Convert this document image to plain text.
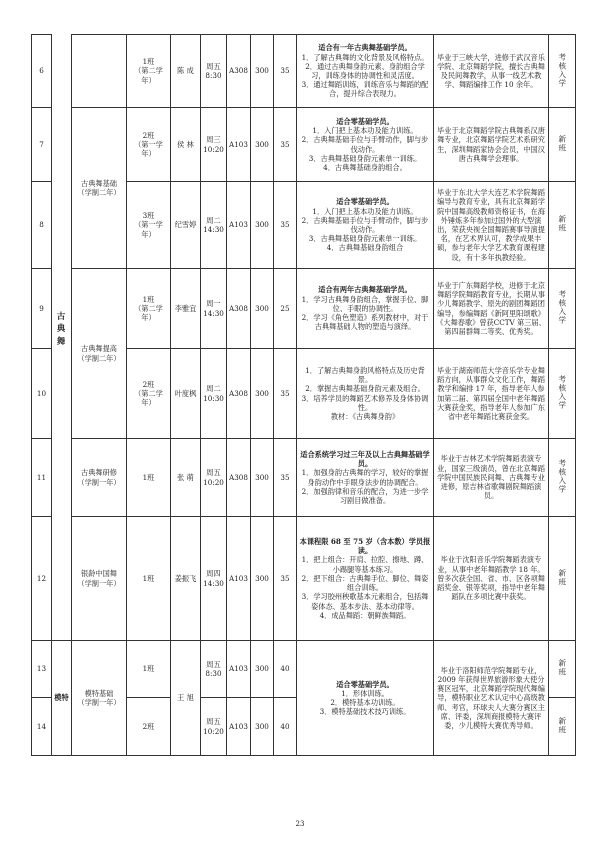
6			1班
（第二学年）	陈 成	周五
8:30	A308	300	35	适合有一年古典舞基础学员。
1．了解古典舞的文化背景及风格特点。
2．通过古典舞身韵元素、身韵组合学习，训练身体的协调性和灵活度。
3．通过舞蹈训练，训练音乐与舞蹈的配合，提升综合表现力。	毕业于三峡大学，进修于武汉音乐学院、北京舞蹈学院，擅长古典舞及民间舞教学，从事一线艺术教学、舞蹈编排工作 10 余年。	考核入学
7		古典舞基础
（学制二年）	2班
（第一学年）	侯 林	周三
10:20	A103	300	35	适合零基础学员。
1．入门把上基本功及能力训练。
2．古典舞基础手位与手臂动作，脚与步伐动作。
3．古典舞基础身韵元素单一训练。
4．古典舞基础身韵组合。	毕业于北京舞蹈学院古典舞系汉唐舞专业，北京舞蹈学院艺术系研究生，深圳舞蹈家协会会员，中国汉唐古典舞学会理事。	新班
8			3班
（第一学年）	纪雪婷	周二
14:30	A103	300	35	适合零基础学员。
1．入门把上基本功及能力训练。
2．古典舞基础手位与手臂动作，脚与步伐动作。
3．古典舞基础身韵元素单一训练。
4．古典舞基础身韵组合	毕业于东北大学大连艺术学院舞蹈编导与教育专业，具有北京舞蹈学院中国舞高级教师资格证书，在海外锤炼多年参加过国外的大型演出，荣获央视全国舞蹈赛事导演提名，在艺术界认可，教学成果丰硕，参与老年大学艺术教育课程建设，有十多年执教经验。	新班
9		古典舞提高
（学制二年）	1班
（第二学年）	李雅宜	周一
14:30	A308	300	25	适合有两年古典舞基础学员。
1．学习古典舞身韵组合，掌握手位、脚位、手眼的协调性。
2．学习《角色塑造》系列教材中，对于古典舞基础人物的塑造与演绎。	毕业于广东舞蹈学校，进修于北京舞蹈学院舞蹈教育专业，长期从事少儿舞蹈教学、原先的剧团舞蹈团编导，参编舞蹈《新阿里阳颂歌》《大舞春歌》曾获CCTV 第三届、第四届群舞二等奖、优秀奖。	考核入学
10			2班
（第二学年）	叶度枫	周二
10:30	A308	300	35	1．了解古典舞身韵风格特点及历史背景。
2．掌握古典舞基础身韵元素及组合。
3．培养学员的舞蹈艺术修养及身体协调性。
教材：《古典舞身韵》	毕业于湖南师范大学音乐学专业舞蹈方向，从事群众文化工作，舞蹈教学和编排 17 年，指导老年人参加第二届、第四届全国中老年舞蹈大赛获金奖，指导老年人参加广东省中老年舞蹈比赛获金奖。	考核入学
11		古典舞研修
（学制一年）	1班	张 萌	周五
10:20	A308	300	35	适合系统学习过三年及以上古典舞基础学员。
1．加强身韵古典舞的学习，较好的掌握身韵动作中手眼身法步的协调配合。
2．加强韵律和音乐的配合，为进一步学习剧目做准备。	毕业于吉林艺术学院舞蹈表演专业，国家三级演员，曾在北京舞蹈学院中国民族民间舞、古典舞专业进修，原吉林省歌舞剧院舞蹈演员。	考核入学
12		银龄中国舞
（学制一年）	1班	姜振飞	周四
14:30	A103	300	35	本课程限 68 至 75 岁（含本数）学员报读。
1．把上组合：开肩、拉腔、擦地、蹲、小踢腿等基本练习。
2．把下组合：古典舞手位、脚位、舞姿组合训练。
3．学习胶州秧歌基本元素组合，包括舞姿体态、基本步法、基本动律等。
4．成品舞蹈：朝鲜族舞蹈。	毕业于沈阳音乐学院舞蹈表演专业，从事中老年舞蹈教学 18 年。曾多次获全国、省、市、区各项舞蹈奖金、银等奖项，指导中老年舞蹈队在多项比赛中获奖。	新班
13	模特	模特基础
（学制一年）	1班	王 旭	周五
8:30	A103	300	40	适合零基础学员。
1．形体训练。
2．模特基本功训练。
3．模特基础技术技巧训练。	毕业于洛阳师范学院舞蹈专业，2009 年获得世界旅游形象大使分赛区冠军，北京舞蹈学院现代舞编导，模特职业艺术认定中心高级教师、考官，环球夫人大赛分赛区主席、评委，深圳商报模特大赛评委，少儿模特大赛优秀导师。	新班
14			2班		周五
10:20	A103	300	40			新班
古典舞
23
